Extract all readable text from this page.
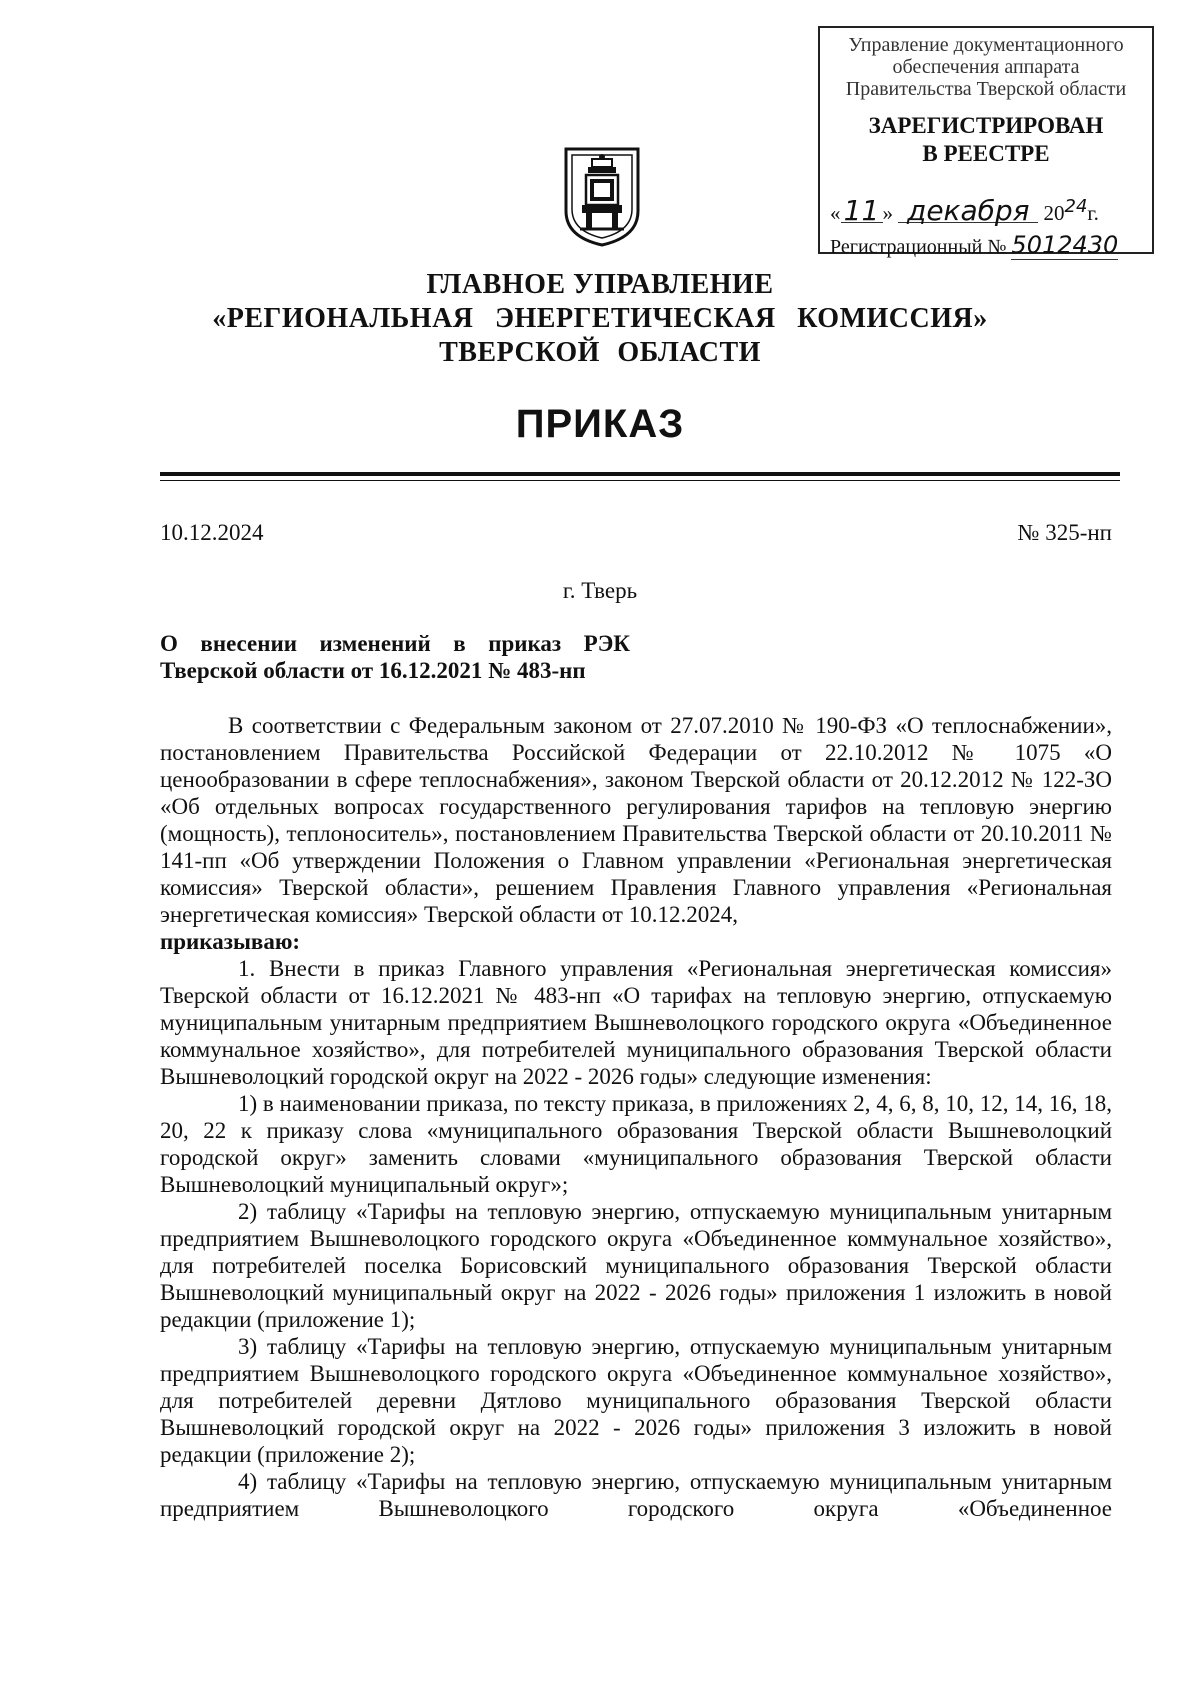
Управление документационного
обеспечения аппарата
Правительства Тверской области
ЗАРЕГИСТРИРОВАН
В РЕЕСТРЕ
« 11 » декабря 2024г.
Регистрационный № 5012430
ГЛАВНОЕ УПРАВЛЕНИЕ
«РЕГИОНАЛЬНАЯ ЭНЕРГЕТИЧЕСКАЯ КОМИССИЯ»
ТВЕРСКОЙ ОБЛАСТИ
ПРИКАЗ
10.12.2024	№ 325-нп
г. Тверь
О внесении изменений в приказ РЭК Тверской области от 16.12.2021 № 483-нп

В соответствии с Федеральным законом от 27.07.2010 № 190-ФЗ «О теплоснабжении», постановлением Правительства Российской Федерации от 22.10.2012 № 1075 «О ценообразовании в сфере теплоснабжения», законом Тверской области от 20.12.2012 № 122-ЗО «Об отдельных вопросах государственного регулирования тарифов на тепловую энергию (мощность), теплоноситель», постановлением Правительства Тверской области от 20.10.2011 № 141-пп «Об утверждении Положения о Главном управлении «Региональная энергетическая комиссия» Тверской области», решением Правления Главного управления «Региональная энергетическая комиссия» Тверской области от 10.12.2024,

приказываю:

1. Внести в приказ Главного управления «Региональная энергетическая комиссия» Тверской области от 16.12.2021 № 483-нп «О тарифах на тепловую энергию, отпускаемую муниципальным унитарным предприятием Вышневолоцкого городского округа «Объединенное коммунальное хозяйство», для потребителей муниципального образования Тверской области Вышневолоцкий городской округ на 2022 - 2026 годы» следующие изменения:

1) в наименовании приказа, по тексту приказа, в приложениях 2, 4, 6, 8, 10, 12, 14, 16, 18, 20, 22 к приказу слова «муниципального образования Тверской области Вышневолоцкий городской округ» заменить словами «муниципального образования Тверской области Вышневолоцкий муниципальный округ»;

2) таблицу «Тарифы на тепловую энергию, отпускаемую муниципальным унитарным предприятием Вышневолоцкого городского округа «Объединенное коммунальное хозяйство», для потребителей поселка Борисовский муниципального образования Тверской области Вышневолоцкий муниципальный округ на 2022 - 2026 годы» приложения 1 изложить в новой редакции (приложение 1);

3) таблицу «Тарифы на тепловую энергию, отпускаемую муниципальным унитарным предприятием Вышневолоцкого городского округа «Объединенное коммунальное хозяйство», для потребителей деревни Дятлово муниципального образования Тверской области Вышневолоцкий городской округ на 2022 - 2026 годы» приложения 3 изложить в новой редакции (приложение 2);

4) таблицу «Тарифы на тепловую энергию, отпускаемую муниципальным унитарным предприятием Вышневолоцкого городского округа «Объединенное
